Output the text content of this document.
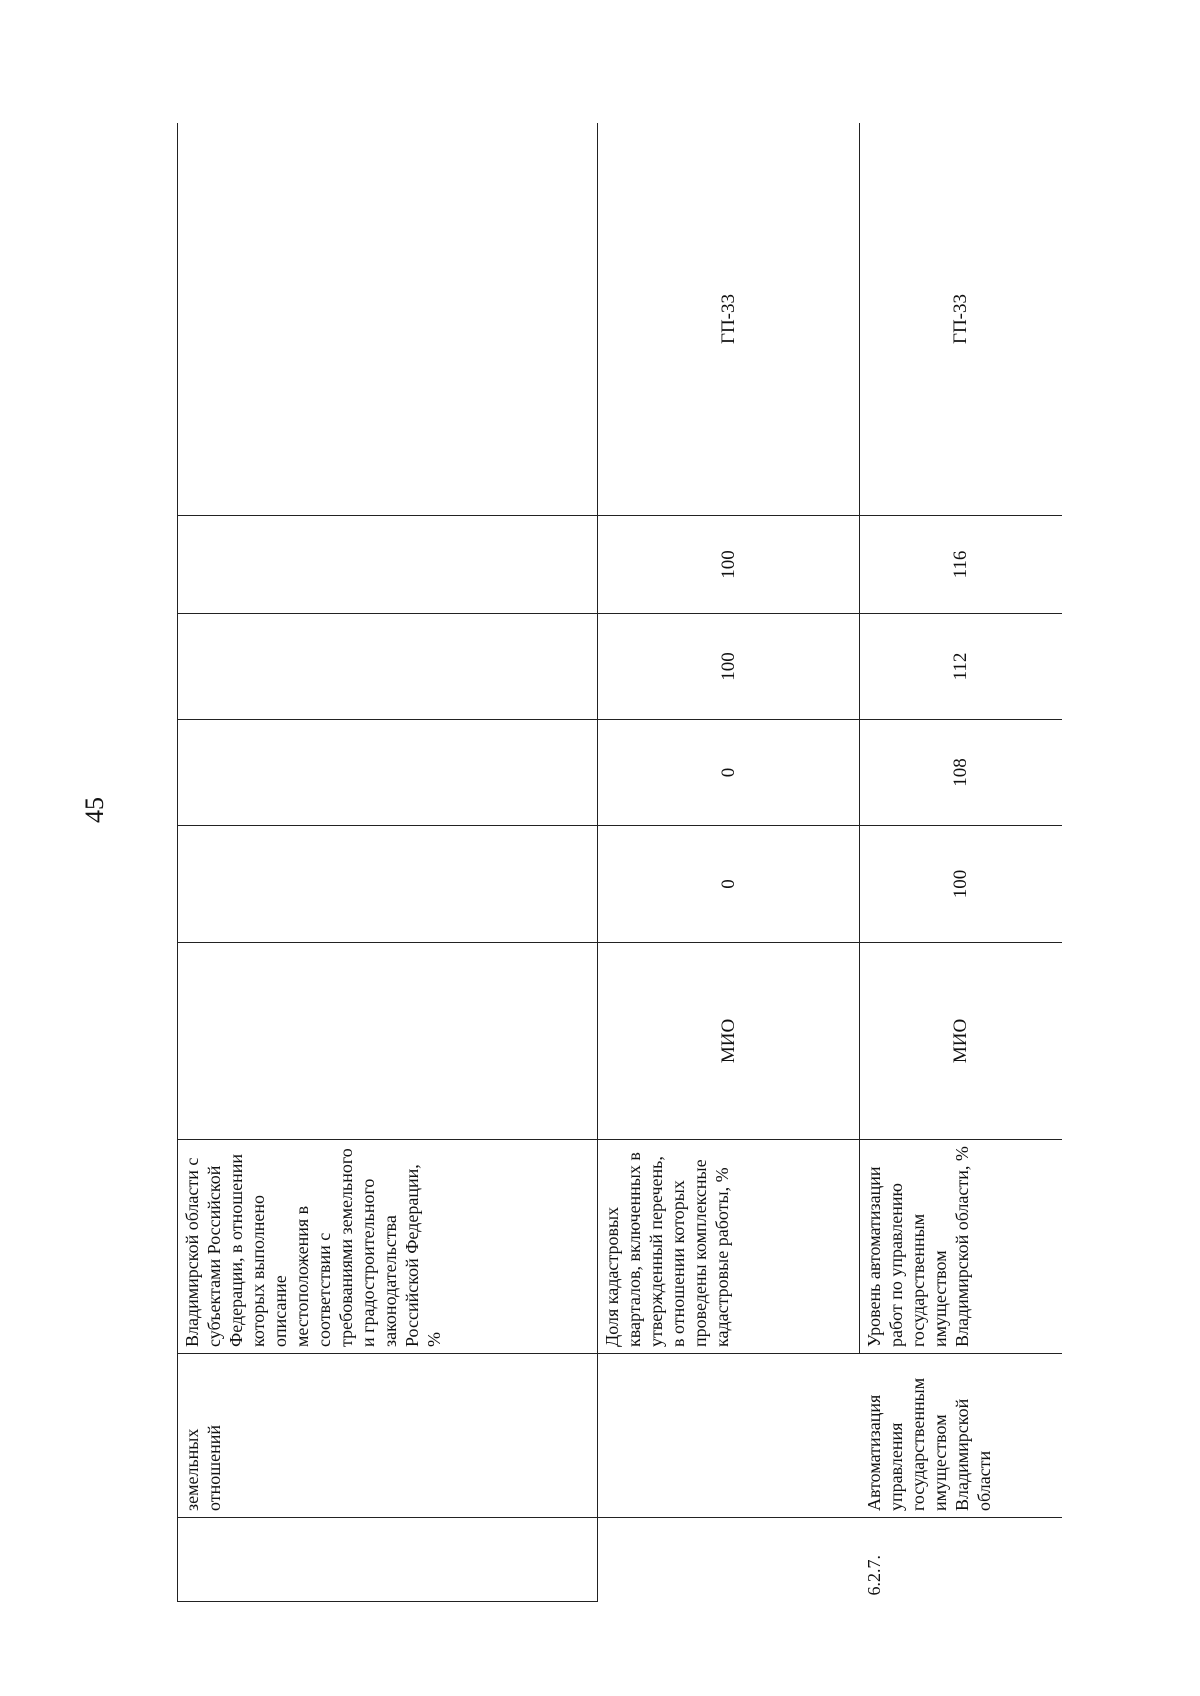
45
	земельных отношений	Владимирской области с субъектами Российской Федерации, в отношении которых выполнено описание местоположения в соответствии с требованиями земельного и градостроительного законодательства Российской Федерации, %						
		Доля кадастровых кварталов, включенных в утвержденный перечень, в отношении которых проведены комплексные кадастровые работы, %	МИО	0	0	100	100	ГП-33
6.2.7.	Автоматизация управления государственным имуществом Владимирской области	Уровень автоматизации работ по управлению государственным имуществом Владимирской области, %	МИО	100	108	112	116	ГП-33
